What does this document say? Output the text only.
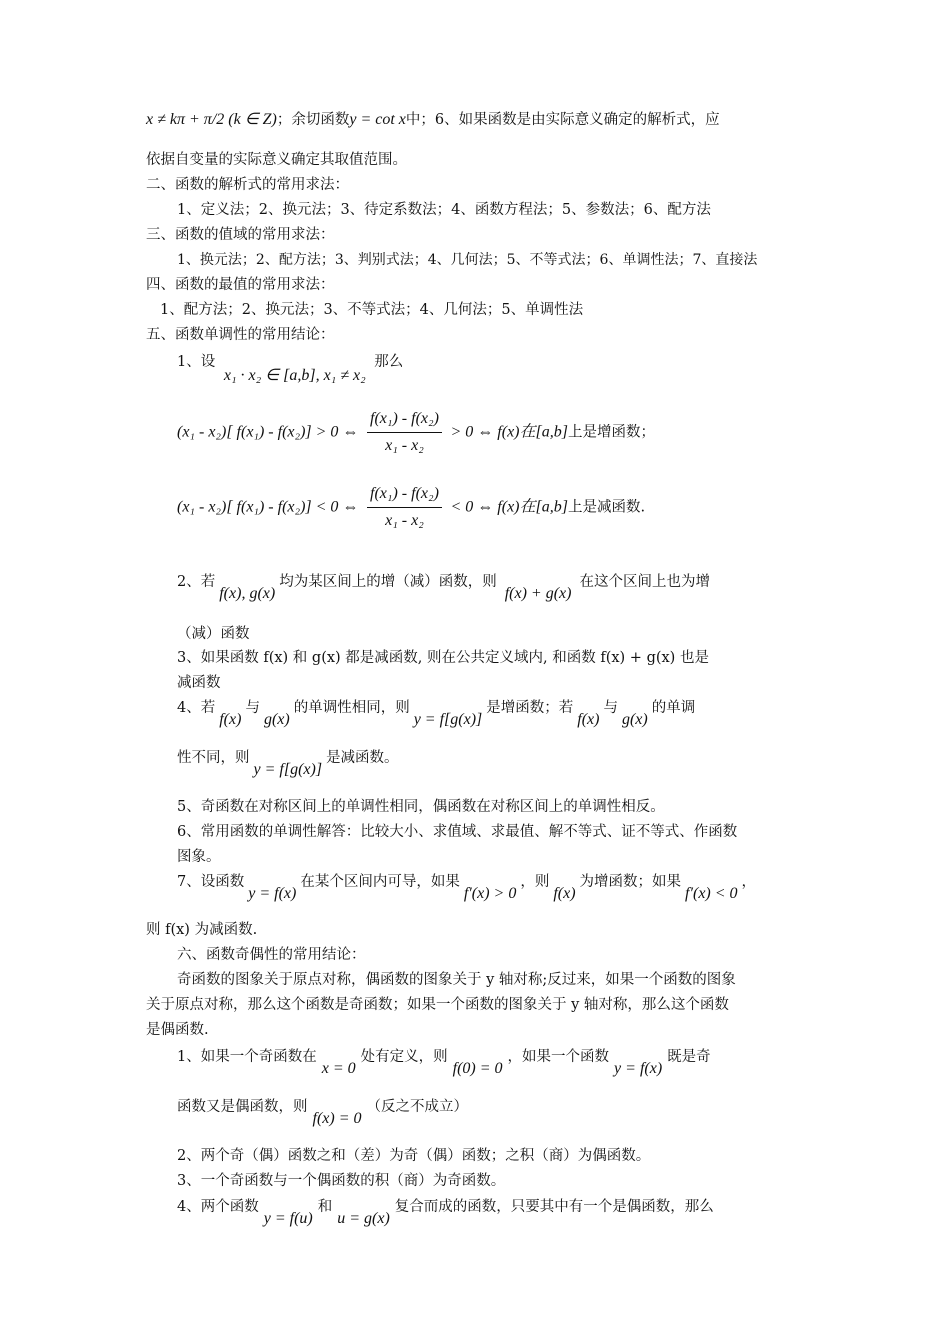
x ≠ kπ + π/2 (k ∈ Z)；余切函数y = cot x中；6、如果函数是由实际意义确定的解析式，应
依据自变量的实际意义确定其取值范围。
二、函数的解析式的常用求法：
1、定义法；2、换元法；3、待定系数法；4、函数方程法；5、参数法；6、配方法
三、函数的值域的常用求法：
1、换元法；2、配方法；3、判别式法；4、几何法；5、不等式法；6、单调性法；7、直接法
四、函数的最值的常用求法：
1、配方法；2、换元法；3、不等式法；4、几何法；5、单调性法
五、函数单调性的常用结论：
1、设 x₁ · x₂ ∈ [a,b], x₁ ≠ x₂ 那么
(x₁ - x₂)[ f(x₁) - f(x₂)] > 0 ⇔ $\frac{\text{f(x₁) - f(x₂)}}{\text{x₁ - x₂}} > 0$ ⇔ f(x)在[a,b]上是增函数；
(x₁ - x₂)[ f(x₁) - f(x₂)] < 0 ⇔ $\frac{\text{f(x₁) - f(x₂)}}{\text{x₁ - x₂}} < 0$ ⇔ f(x)在[a,b]上是减函数.
2、若f(x), g(x)均为某区间上的增（减）函数，则f(x) + g(x)在这个区间上也为增
（减）函数
3、如果函数 f(x) 和 g(x) 都是减函数, 则在公共定义域内, 和函数 f(x) + g(x) 也是
减函数
4、若f(x)与g(x)的单调性相同，则y = f[g(x)]是增函数；若f(x)与g(x)的单调
性不同，则y = f[g(x)]是减函数。
5、奇函数在对称区间上的单调性相同，偶函数在对称区间上的单调性相反。
6、常用函数的单调性解答：比较大小、求值域、求最值、解不等式、证不等式、作函数
图象。
7、设函数y = f(x)在某个区间内可导，如果f′(x) > 0，则f(x)为增函数；如果f′(x) < 0，
则 f(x) 为减函数.
六、函数奇偶性的常用结论：
奇函数的图象关于原点对称，偶函数的图象关于 y 轴对称;反过来，如果一个函数的图象
关于原点对称，那么这个函数是奇函数；如果一个函数的图象关于 y 轴对称，那么这个函数
是偶函数.
1、如果一个奇函数在x = 0处有定义，则f(0) = 0，如果一个函数y = f(x)既是奇
函数又是偶函数，则f(x) = 0（反之不成立）
2、两个奇（偶）函数之和（差）为奇（偶）函数；之积（商）为偶函数。
3、一个奇函数与一个偶函数的积（商）为奇函数。
4、两个函数y = f(u)和u = g(x)复合而成的函数，只要其中有一个是偶函数，那么
